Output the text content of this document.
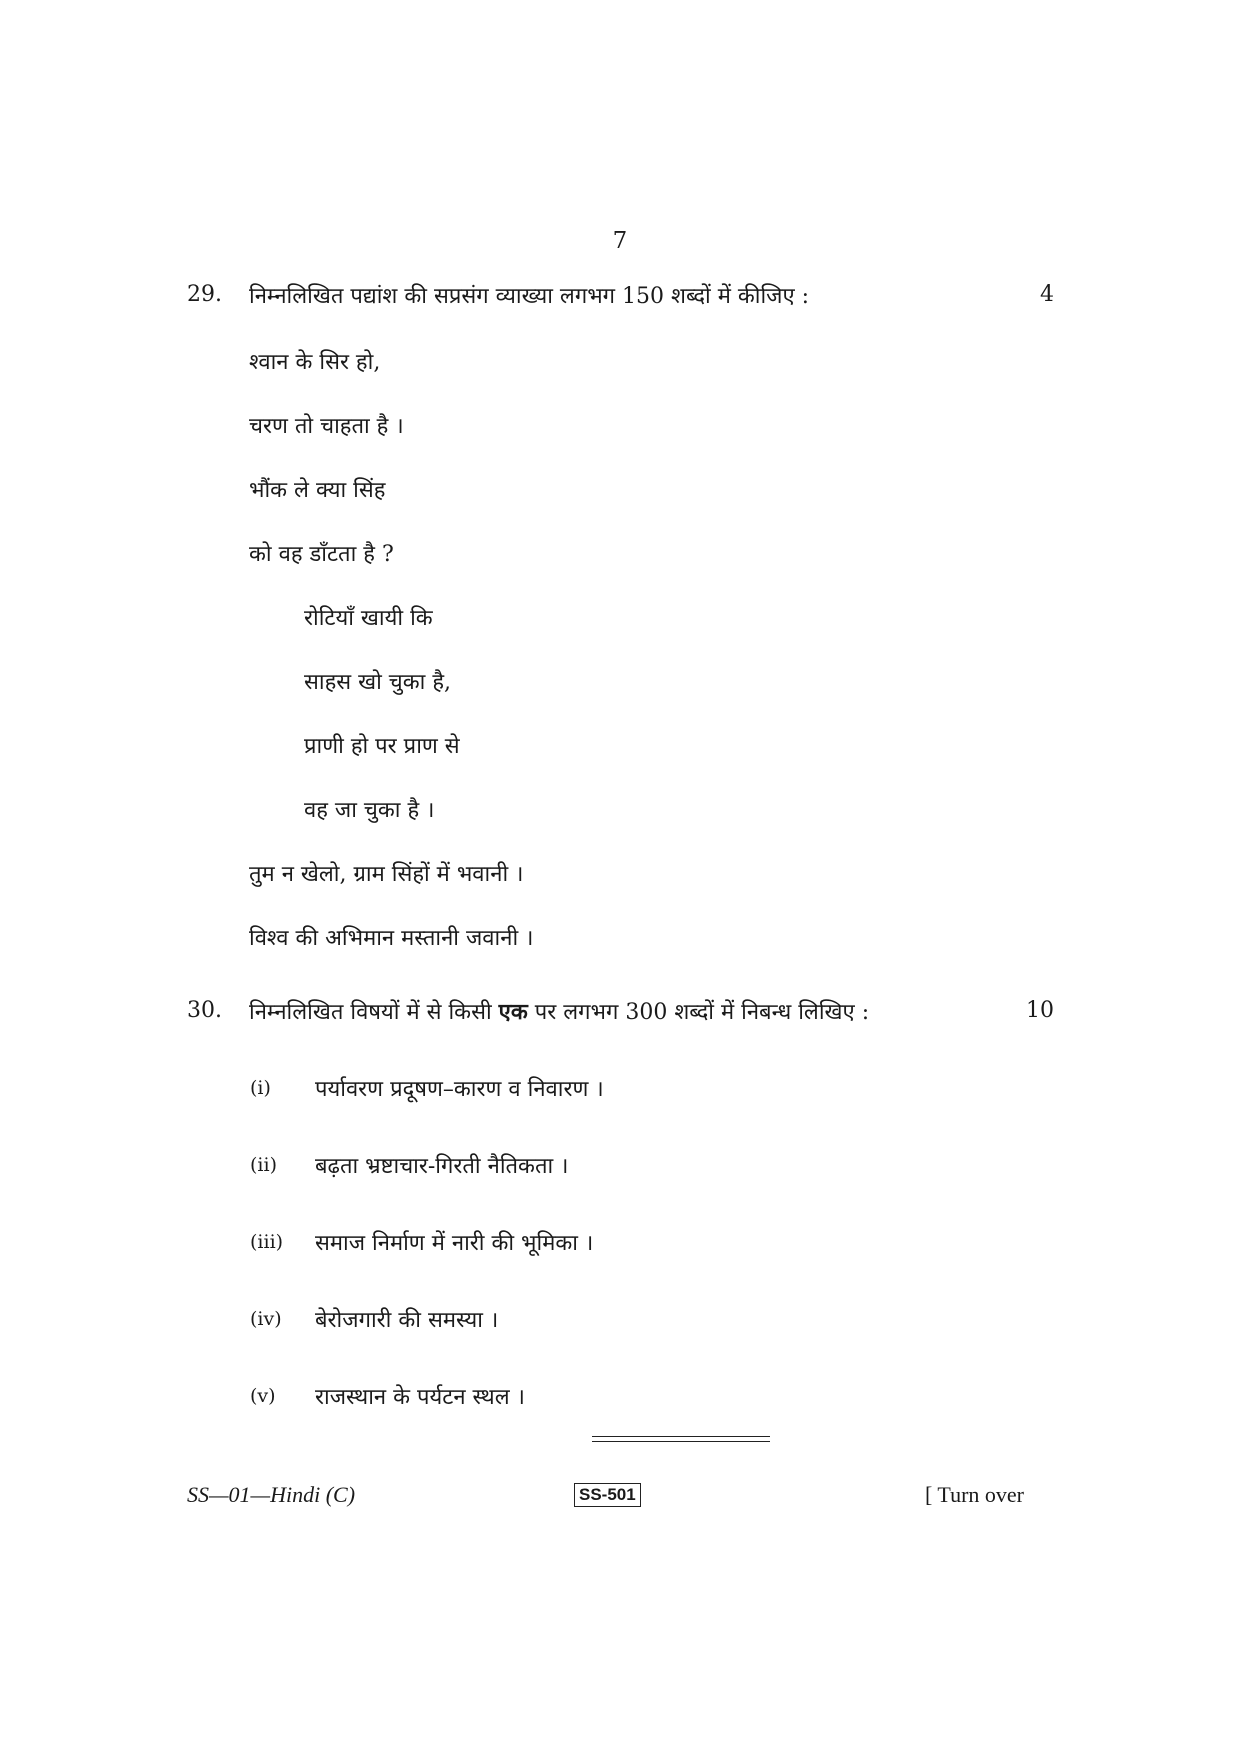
7
29. निम्नलिखित पद्यांश की सप्रसंग व्याख्या लगभग 150 शब्दों में कीजिए :	4
श्वान के सिर हो,
चरण तो चाहता है ।
भौंक ले क्या सिंह
को वह डाँटता है ?
रोटियाँ खायी कि
साहस खो चुका है,
प्राणी हो पर प्राण से
वह जा चुका है ।
तुम न खेलो, ग्राम सिंहों में भवानी ।
विश्व की अभिमान मस्तानी जवानी ।
30. निम्नलिखित विषयों में से किसी एक पर लगभग 300 शब्दों में निबन्ध लिखिए :	10
(i) पर्यावरण प्रदूषण–कारण व निवारण ।
(ii) बढ़ता भ्रष्टाचार-गिरती नैतिकता ।
(iii) समाज निर्माण में नारी की भूमिका ।
(iv) बेरोजगारी की समस्या ।
(v) राजस्थान के पर्यटन स्थल ।
SS—01—Hindi (C)	SS-501	[ Turn over
